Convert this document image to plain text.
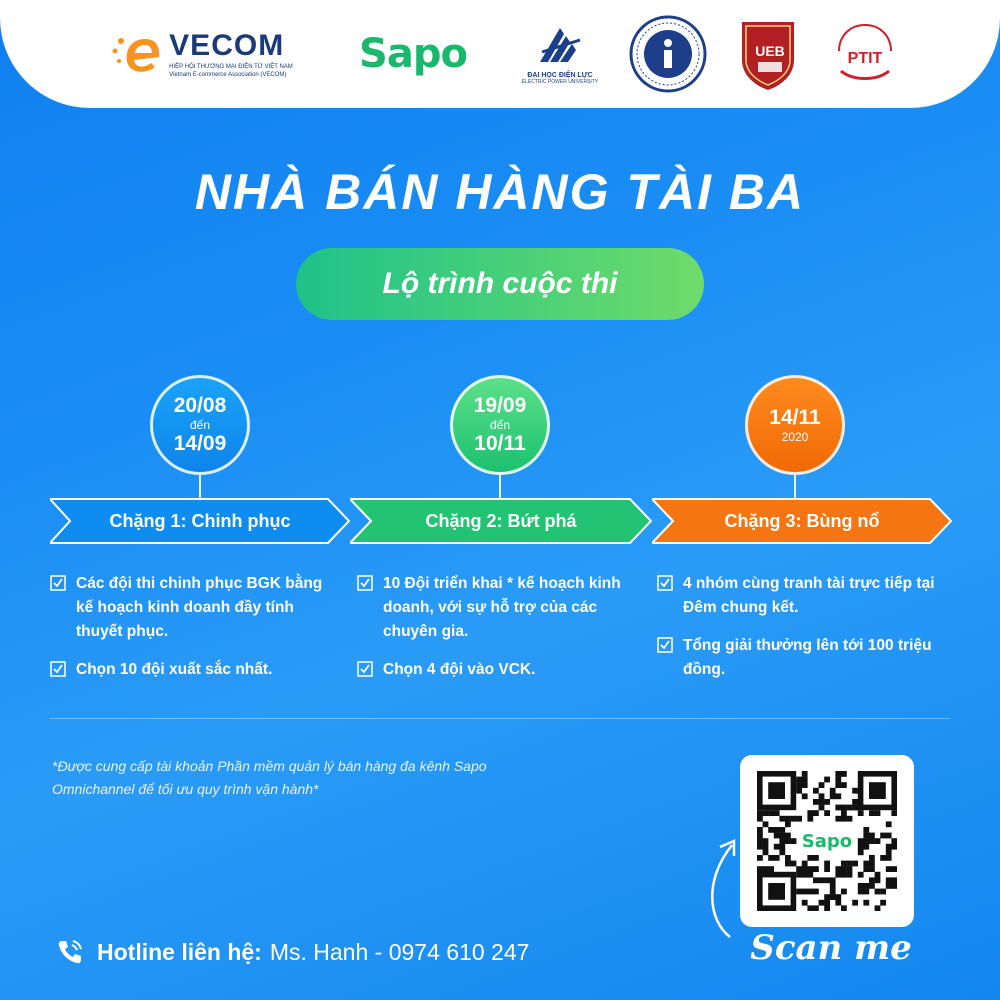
VECOM
HIỆP HỘI THƯƠNG MẠI ĐIỆN TỬ VIỆT NAM
Vietnam E-commerce Association (VECOM) Sapo	ĐẠI HỌC ĐIỆN LỰC
ELECTRIC POWER UNIVERSITY
UEB	PTIT
NHÀ BÁN HÀNG TÀI BA
Lộ trình cuộc thi
20/08
đến
14/09
19/09
đến
10/11
14/11
2020
Chặng 1: Chinh phục	Chặng 2: Bứt phá	Chặng 3: Bùng nổ
Các đội thi chinh phục BGK bằng kế hoạch kinh doanh đầy tính thuyết phục.
Chọn 10 đội xuất sắc nhất.
10 Đội triển khai * kế hoạch kinh doanh, với sự hỗ trợ của các chuyên gia.
Chọn 4 đội vào VCK.
4 nhóm cùng tranh tài trực tiếp tại Đêm chung kết.
Tổng giải thưởng lên tới 100 triệu đồng.
*Được cung cấp tài khoản Phần mềm quản lý bán hàng đa kênh Sapo Omnichannel để tối ưu quy trình vận hành*
Hotline liên hệ: Ms. Hanh - 0974 610 247
Sapo
Scan me
